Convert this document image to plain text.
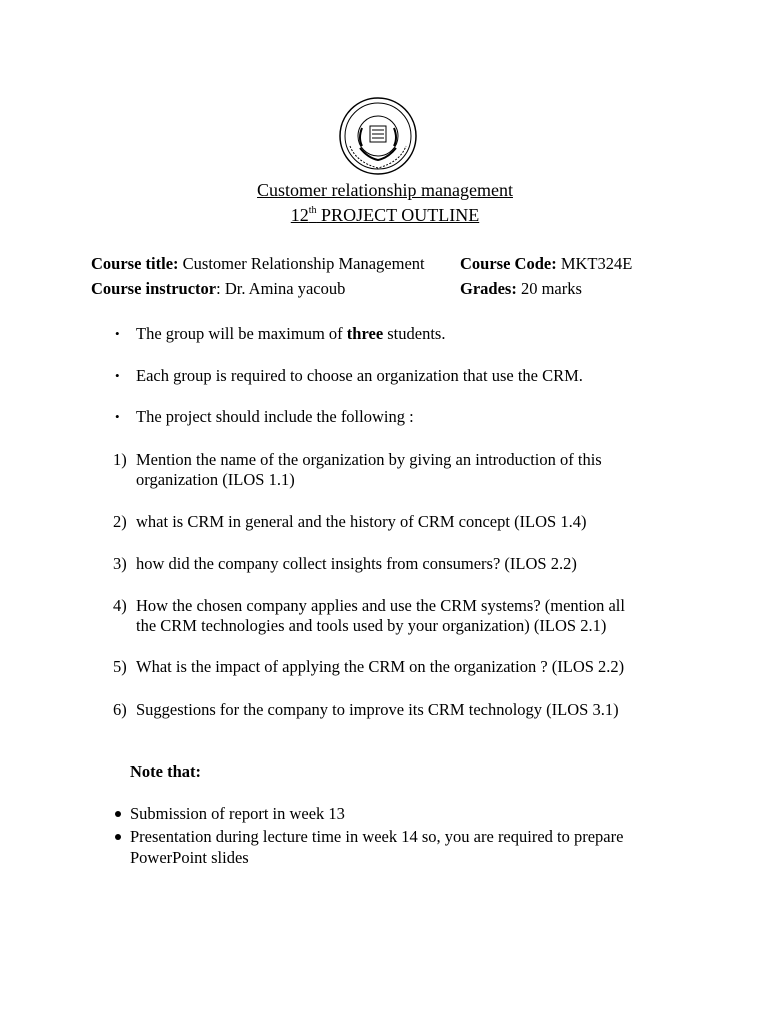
Customer relationship management
12th PROJECT OUTLINE
Course title: Customer Relationship Management Course Code: MKT324E
Course instructor: Dr. Amina yacoub	Grades: 20 marks
• The group will be maximum of three students.
• Each group is required to choose an organization that use the CRM.
• The project should include the following :
1) Mention the name of the organization by giving an introduction of this
organization (ILOS 1.1)
2) what is CRM in general and the history of CRM concept (ILOS 1.4)
3) how did the company collect insights from consumers? (ILOS 2.2)
4) How the chosen company applies and use the CRM systems? (mention all
the CRM technologies and tools used by your organization) (ILOS 2.1)
5) What is the impact of applying the CRM on the organization ? (ILOS 2.2)
6) Suggestions for the company to improve its CRM technology (ILOS 3.1)
Note that:
Submission of report in week 13
Presentation during lecture time in week 14 so, you are required to prepare
PowerPoint slides
